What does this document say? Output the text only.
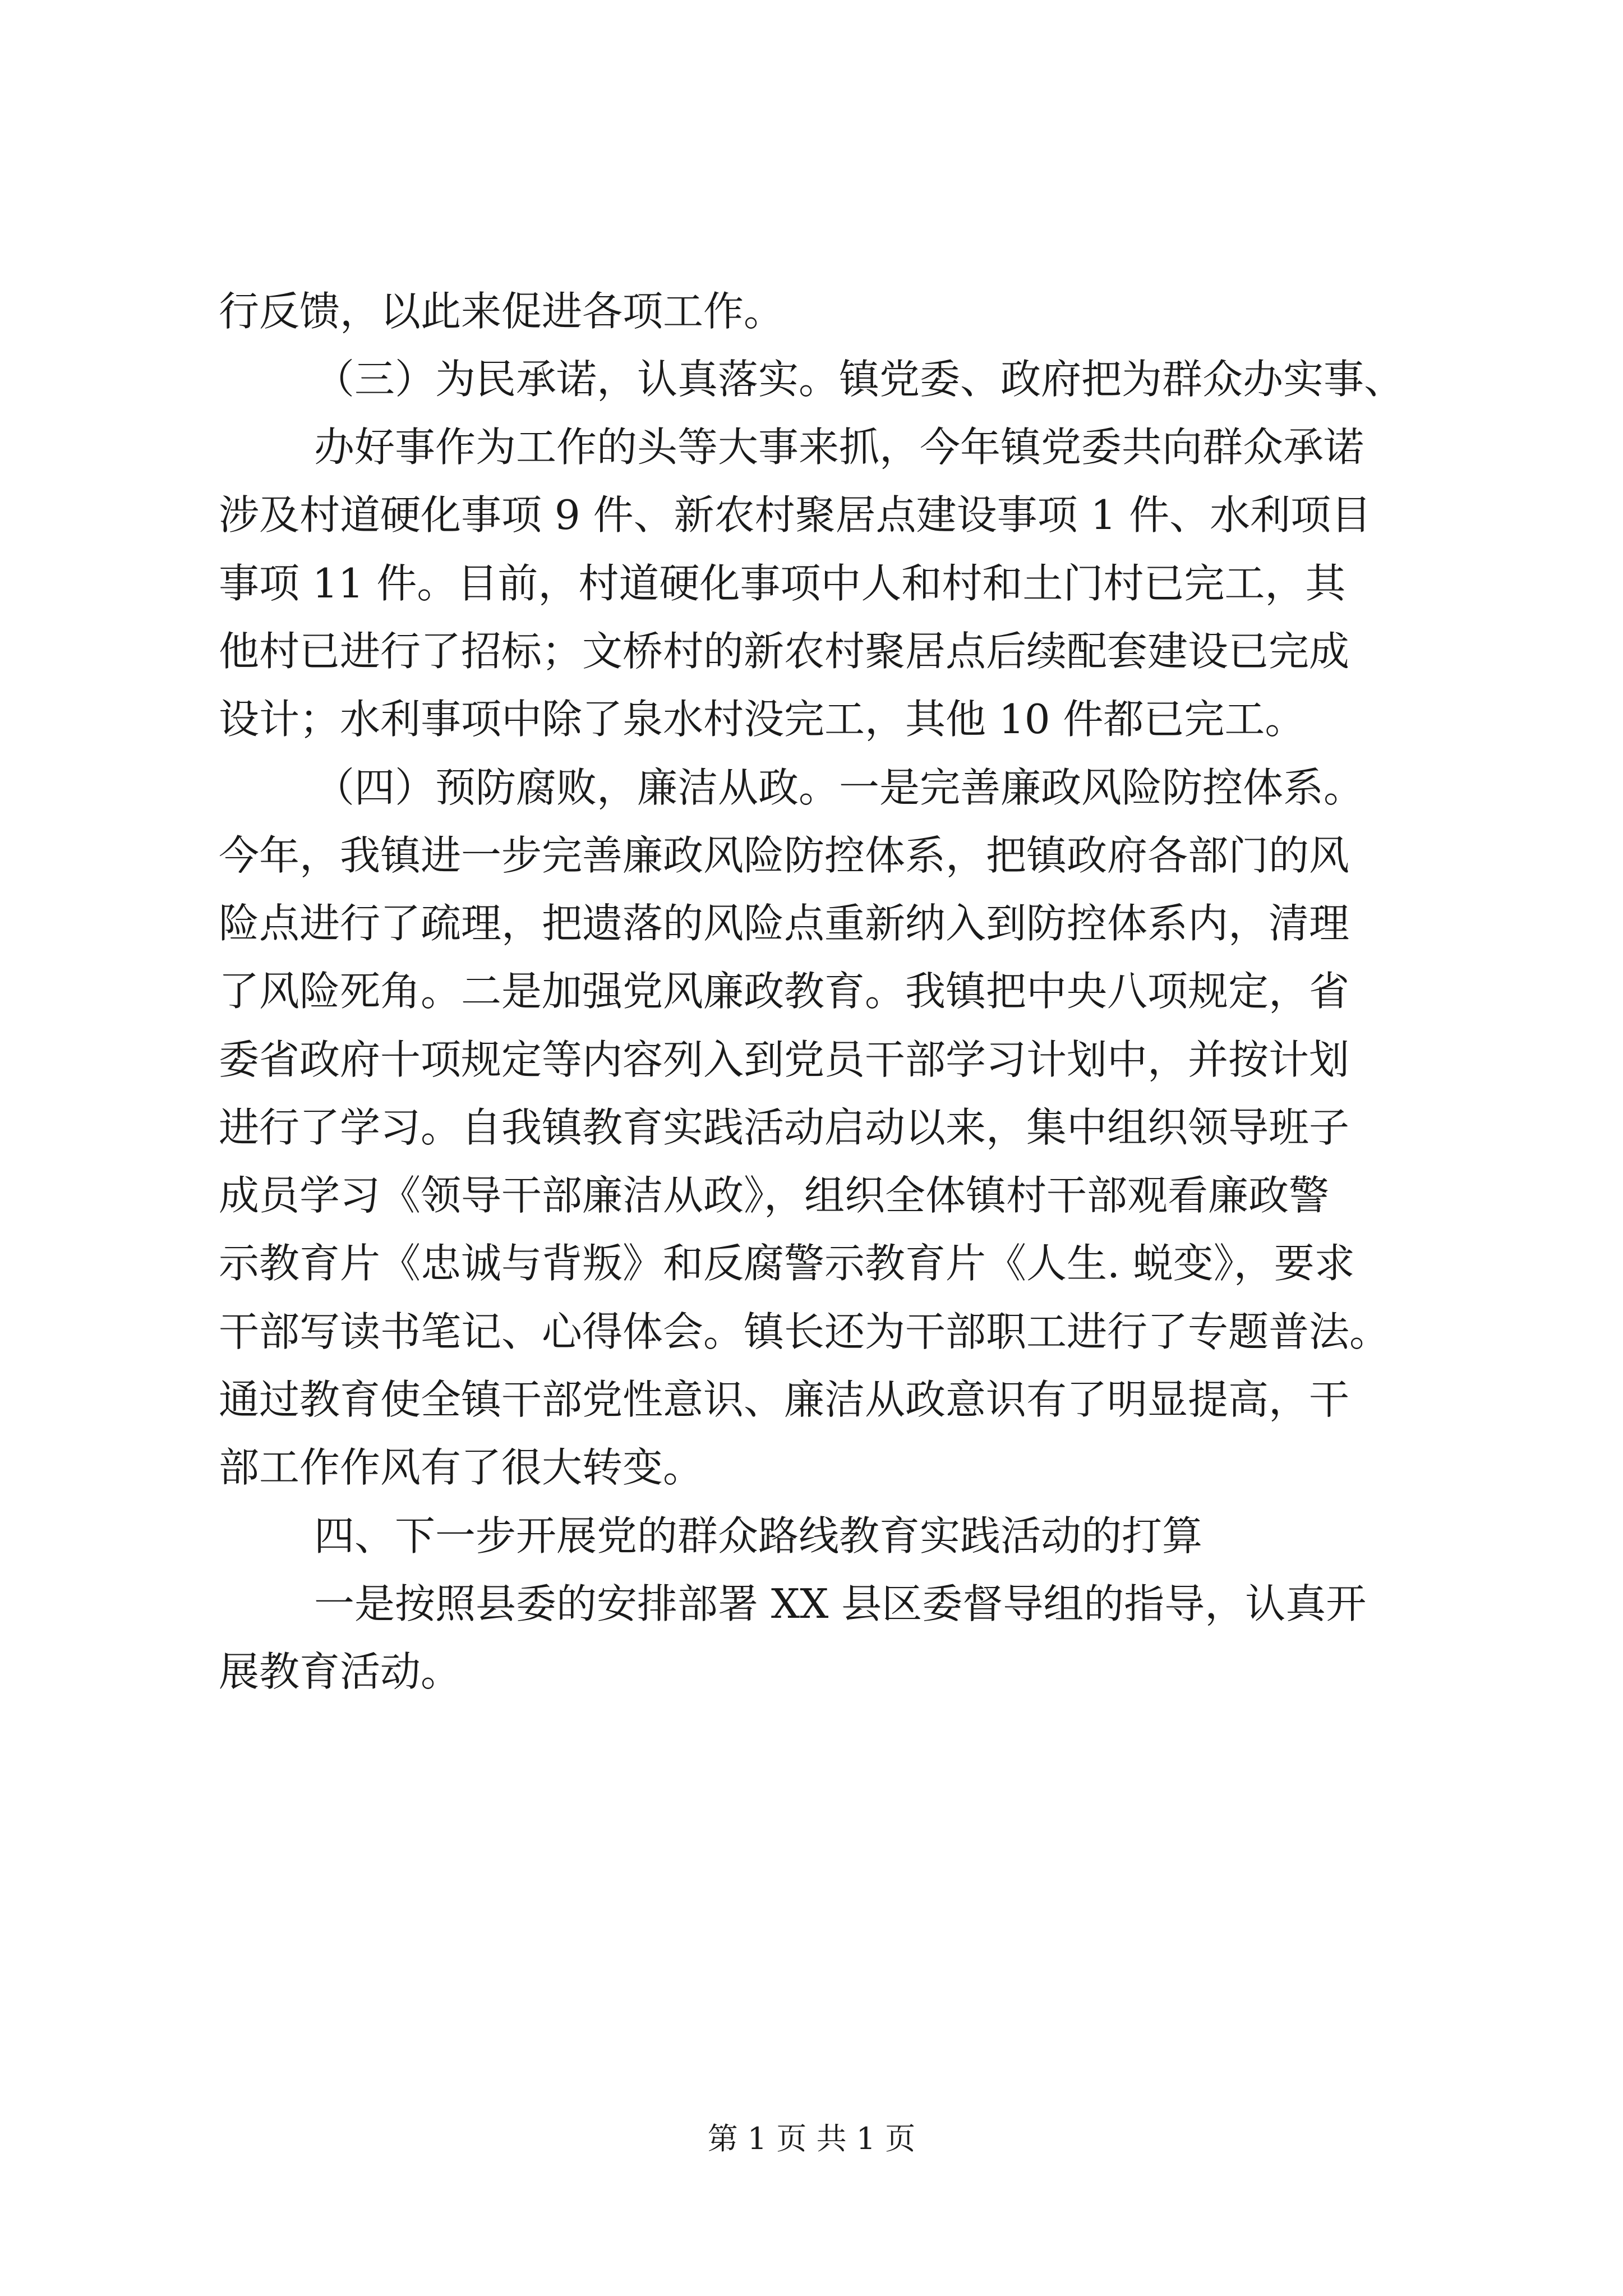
行反馈，以此来促进各项工作。
（三）为民承诺，认真落实。镇党委、政府把为群众办实事、
办好事作为工作的头等大事来抓，今年镇党委共向群众承诺
涉及村道硬化事项 9 件、新农村聚居点建设事项 1 件、水利项目
事项 11 件。目前，村道硬化事项中人和村和土门村已完工，其
他村已进行了招标；文桥村的新农村聚居点后续配套建设已完成
设计；水利事项中除了泉水村没完工，其他 10 件都已完工。
（四）预防腐败，廉洁从政。一是完善廉政风险防控体系。
今年，我镇进一步完善廉政风险防控体系，把镇政府各部门的风
险点进行了疏理，把遗落的风险点重新纳入到防控体系内，清理
了风险死角。二是加强党风廉政教育。我镇把中央八项规定，省
委省政府十项规定等内容列入到党员干部学习计划中，并按计划
进行了学习。自我镇教育实践活动启动以来，集中组织领导班子
成员学习《领导干部廉洁从政》，组织全体镇村干部观看廉政警
示教育片《忠诚与背叛》和反腐警示教育片《人生. 蜕变》，要求
干部写读书笔记、心得体会。镇长还为干部职工进行了专题普法。
通过教育使全镇干部党性意识、廉洁从政意识有了明显提高，干
部工作作风有了很大转变。
四、下一步开展党的群众路线教育实践活动的打算
一是按照县委的安排部署 XX 县区委督导组的指导，认真开
展教育活动。
第 1 页 共 1 页
